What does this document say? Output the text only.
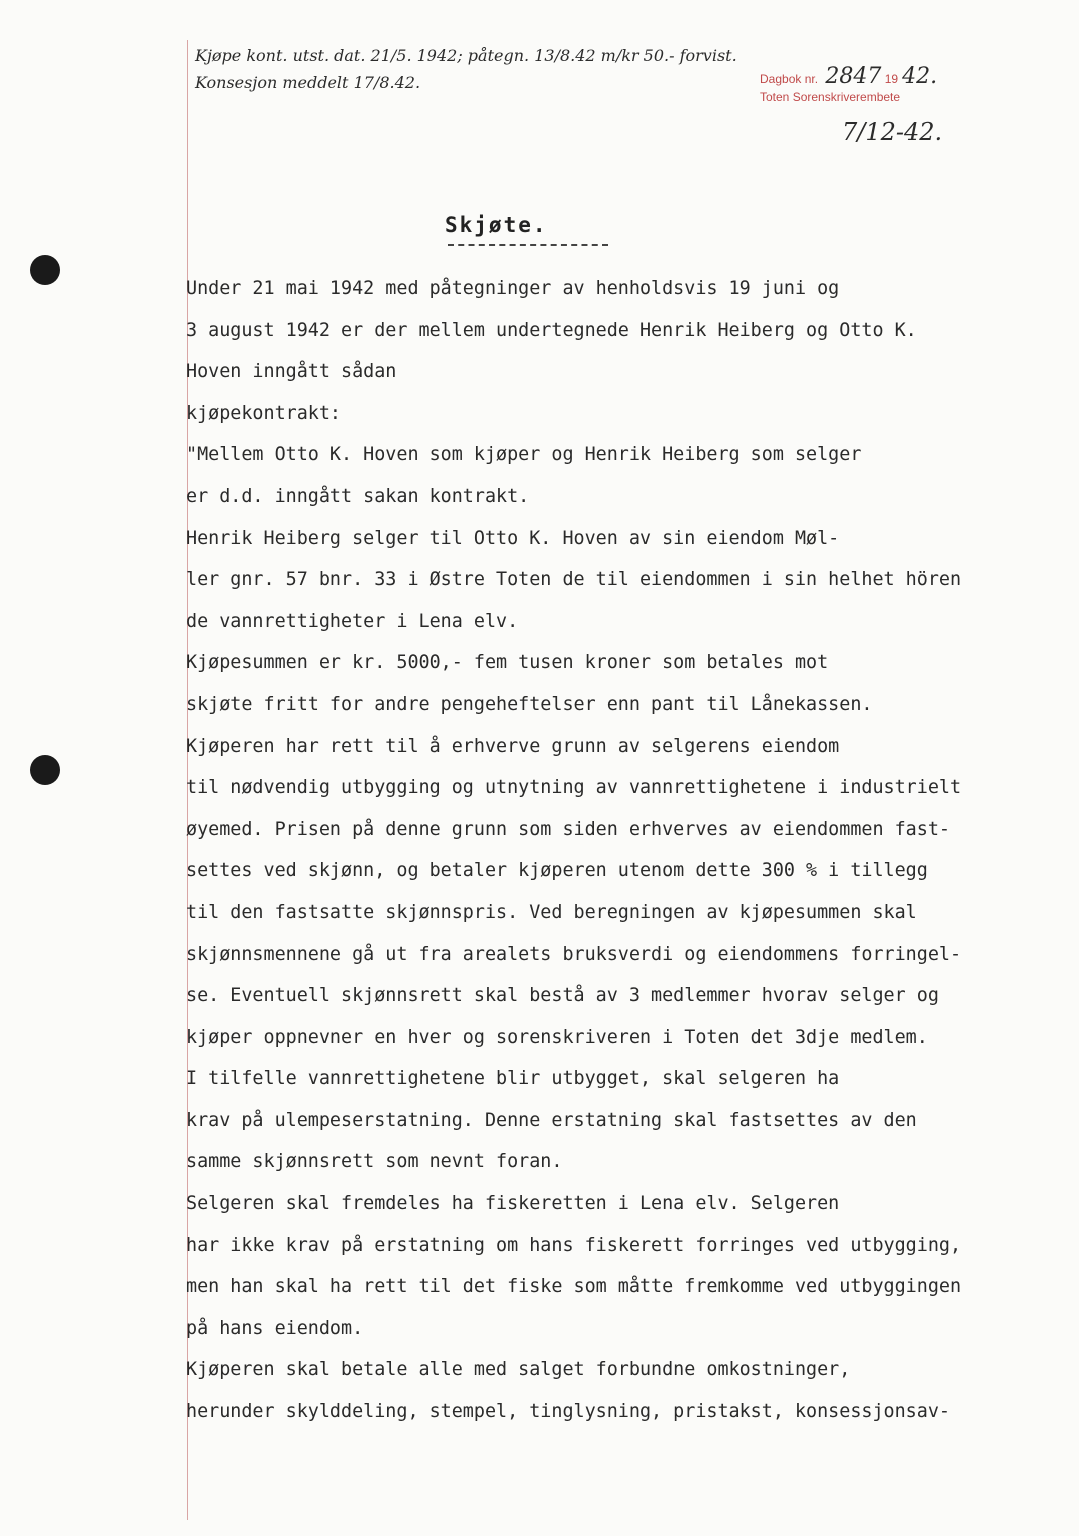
Kjøpe kont. utst. dat. 21/5. 1942; påtegn. 13/8.42 m/kr 50.- forvist.
Konsesjon meddelt 17/8.42.	Dagbok nr. 2847 19 42.
Toten Sorenskriverembete
7/12-42.
Skjøte.

Under 21 mai 1942 med påtegninger av henholdsvis 19 juni og

3 august 1942 er der mellem undertegnede Henrik Heiberg og Otto K.

Hoven inngått sådan

kjøpekontrakt:

"Mellem Otto K. Hoven som kjøper og Henrik Heiberg som selger

er d.d. inngått sakan kontrakt.

Henrik Heiberg selger til Otto K. Hoven av sin eiendom Møl-

ler gnr. 57 bnr. 33 i Østre Toten de til eiendommen i sin helhet hören

de vannrettigheter i Lena elv.

Kjøpesummen er kr. 5000,- fem tusen kroner som betales mot

skjøte fritt for andre pengeheftelser enn pant til Lånekassen.

Kjøperen har rett til å erhverve grunn av selgerens eiendom

til nødvendig utbygging og utnytning av vannrettighetene i industrielt

øyemed. Prisen på denne grunn som siden erhverves av eiendommen fast-

settes ved skjønn, og betaler kjøperen utenom dette 300 % i tillegg

til den fastsatte skjønnspris. Ved beregningen av kjøpesummen skal

skjønnsmennene gå ut fra arealets bruksverdi og eiendommens forringel-

se. Eventuell skjønnsrett skal bestå av 3 medlemmer hvorav selger og

kjøper oppnevner en hver og sorenskriveren i Toten det 3dje medlem.

I tilfelle vannrettighetene blir utbygget, skal selgeren ha

krav på ulempeserstatning. Denne erstatning skal fastsettes av den

samme skjønnsrett som nevnt foran.

Selgeren skal fremdeles ha fiskeretten i Lena elv. Selgeren

har ikke krav på erstatning om hans fiskerett forringes ved utbygging,

men han skal ha rett til det fiske som måtte fremkomme ved utbyggingen

på hans eiendom.

Kjøperen skal betale alle med salget forbundne omkostninger,

herunder skylddeling, stempel, tinglysning, pristakst, konsessjonsav-
